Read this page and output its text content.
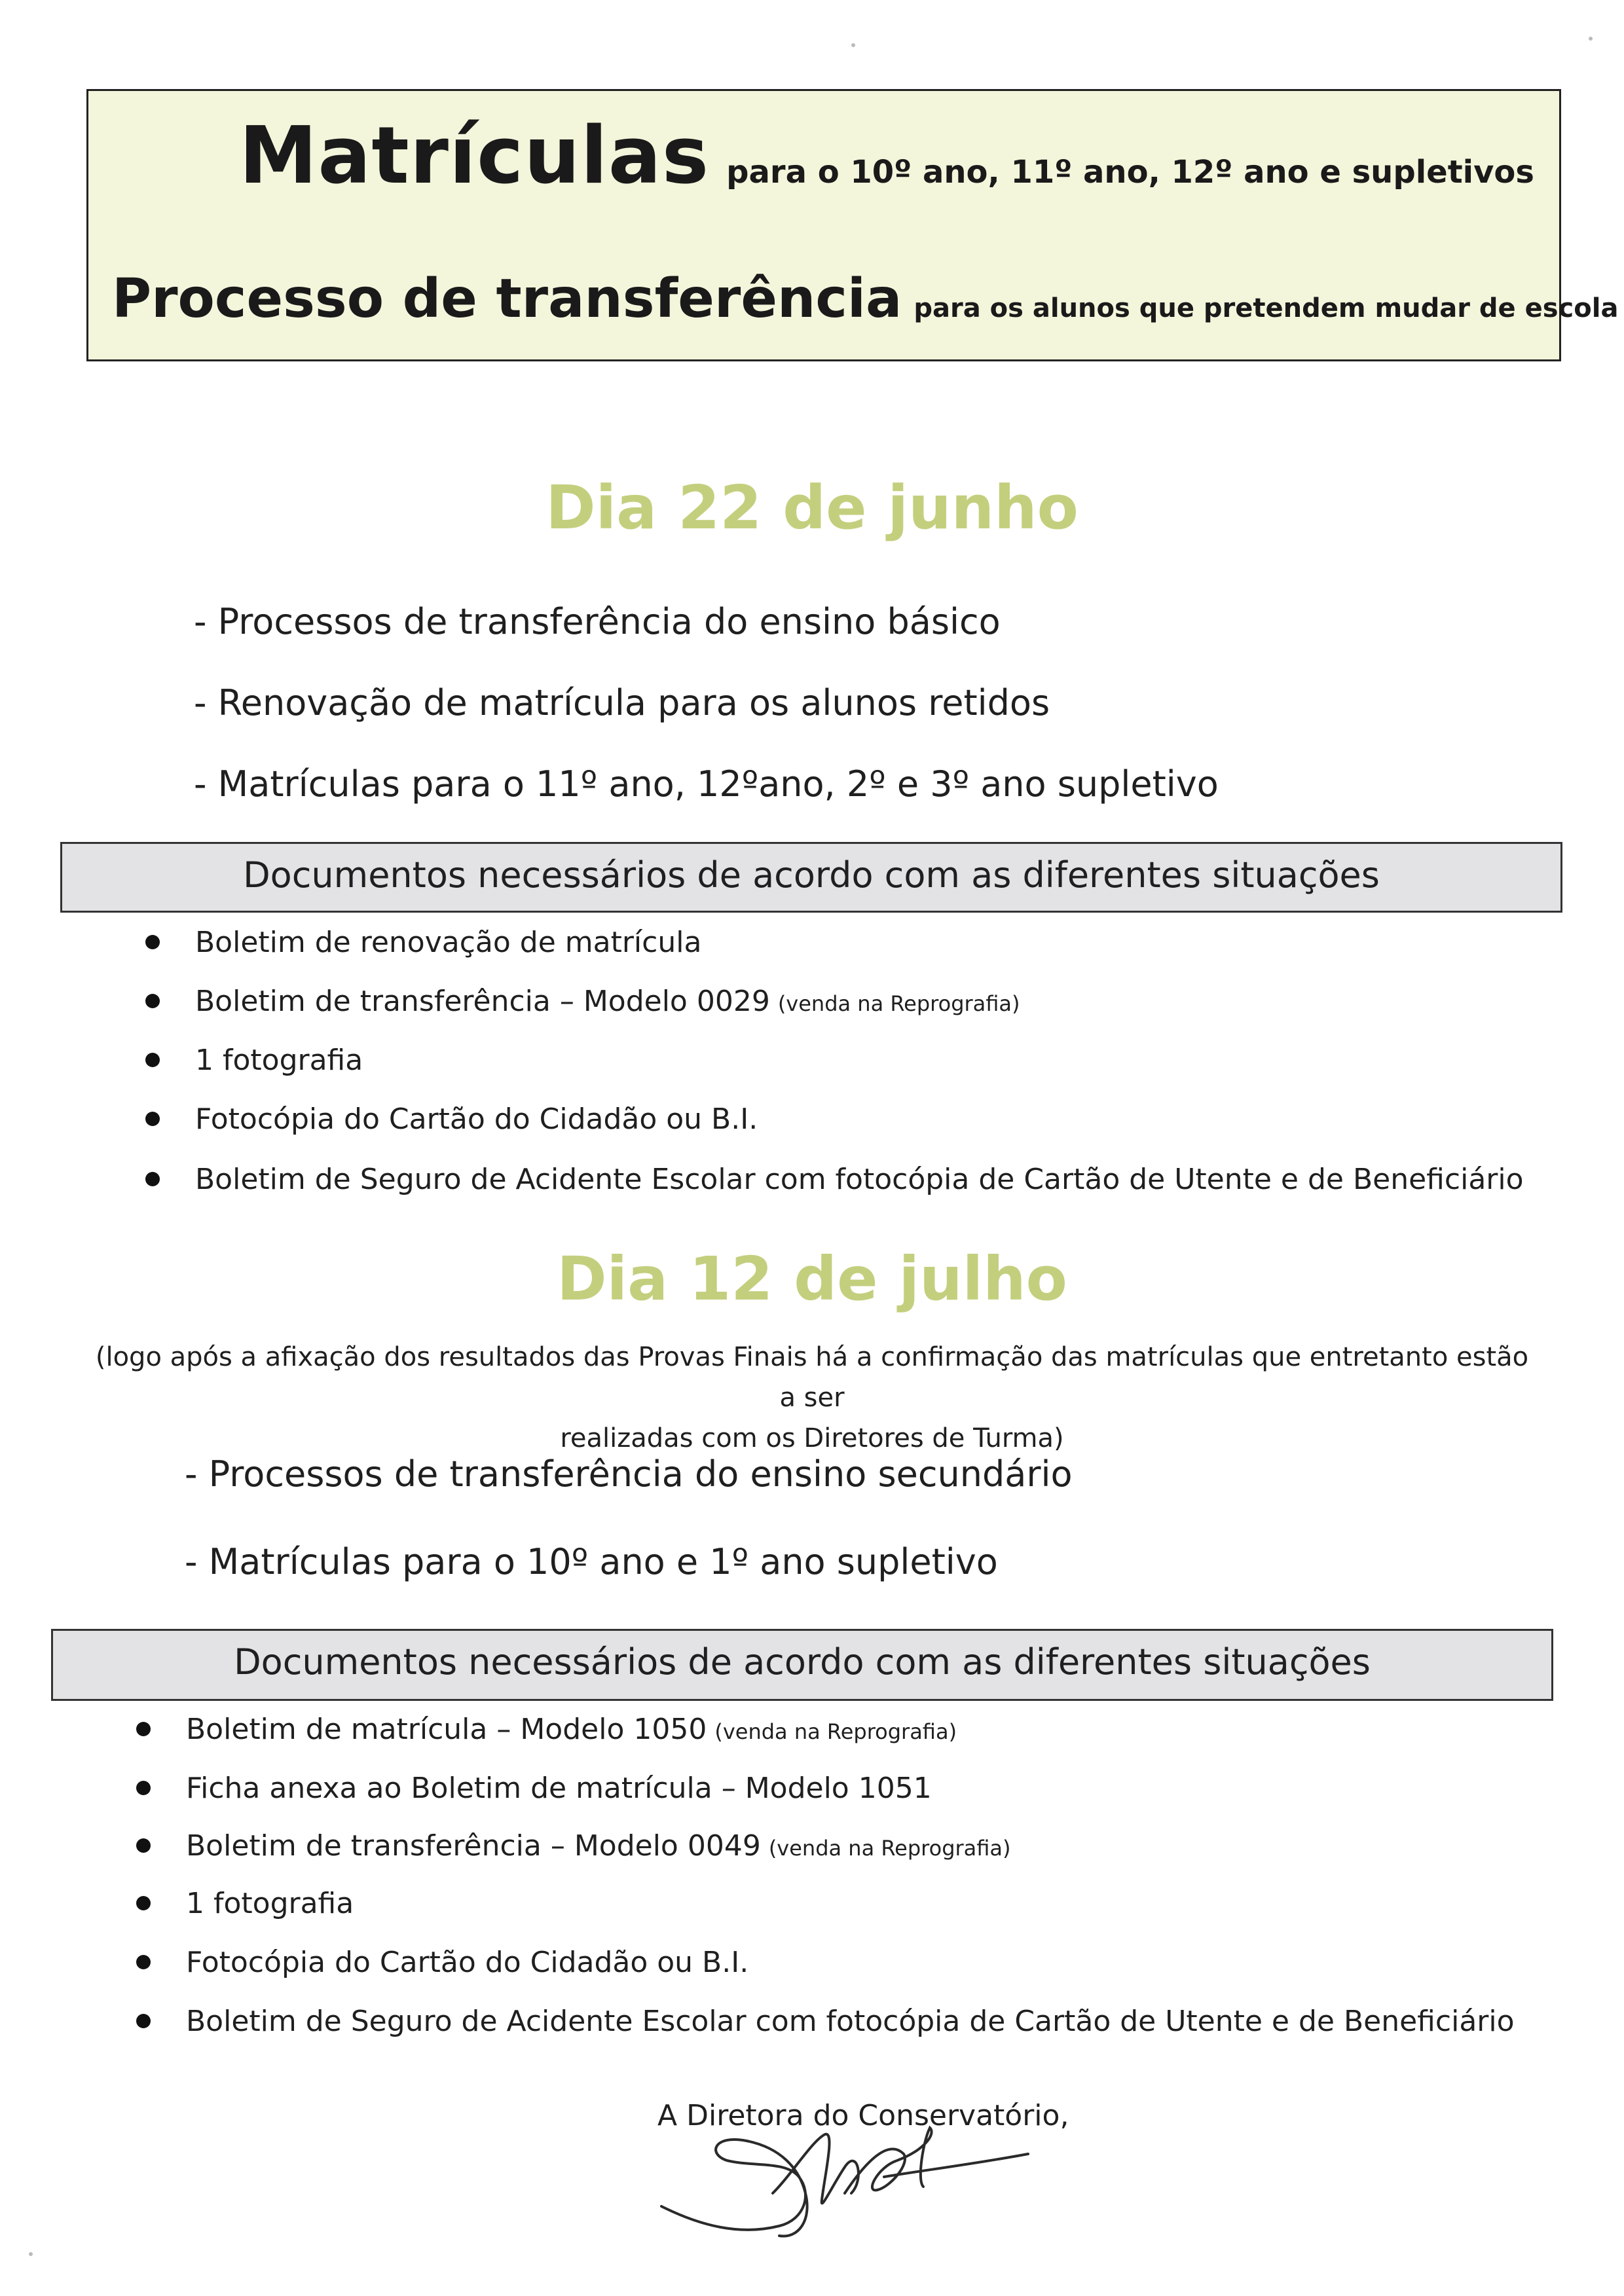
Matrículas para o 10º ano, 11º ano, 12º ano e supletivos
Processo de transferência para os alunos que pretendem mudar de escola
Dia 22 de junho
- Processos de transferência do ensino básico
- Renovação de matrícula para os alunos retidos
- Matrículas para o 11º ano, 12ºano, 2º e 3º ano supletivo
Documentos necessários de acordo com as diferentes situações
Boletim de renovação de matrícula
Boletim de transferência – Modelo 0029 (venda na Reprografia)
1 fotografia
Fotocópia do Cartão do Cidadão ou B.I.
Boletim de Seguro de Acidente Escolar com fotocópia de Cartão de Utente e de Beneficiário
Dia 12 de julho
(logo após a afixação dos resultados das Provas Finais há a confirmação das matrículas que entretanto estão a ser
realizadas com os Diretores de Turma)
- Processos de transferência do ensino secundário
- Matrículas para o 10º ano e 1º ano supletivo
Documentos necessários de acordo com as diferentes situações
Boletim de matrícula – Modelo 1050 (venda na Reprografia)
Ficha anexa ao Boletim de matrícula – Modelo 1051
Boletim de transferência – Modelo 0049 (venda na Reprografia)
1 fotografia
Fotocópia do Cartão do Cidadão ou B.I.
Boletim de Seguro de Acidente Escolar com fotocópia de Cartão de Utente e de Beneficiário
A Diretora do Conservatório,
